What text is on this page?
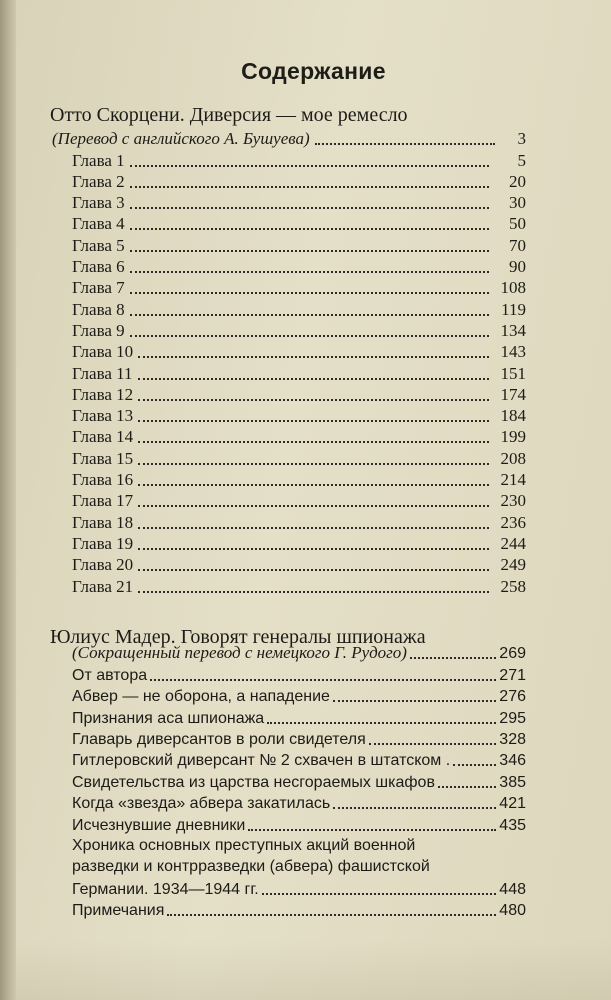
Содержание
Отто Скорцени. Диверсия — мое ремесло
(Перевод с английского А. Бушуева)	3
Глава 1	5
Глава 2	20
Глава 3	30
Глава 4	50
Глава 5	70
Глава 6	90
Глава 7	108
Глава 8	119
Глава 9	134
Глава 10	143
Глава 11	151
Глава 12	174
Глава 13	184
Глава 14	199
Глава 15	208
Глава 16	214
Глава 17	230
Глава 18	236
Глава 19	244
Глава 20	249
Глава 21	258
Юлиус Мадер. Говорят генералы шпионажа
(Сокращенный перевод с немецкого Г. Рудого)	269
От автора	271
Абвер — не оборона, а нападение	276
Признания аса шпионажа	295
Главарь диверсантов в роли свидетеля	328
Гитлеровский диверсант № 2 схвачен в штатском .	346
Свидетельства из царства несгораемых шкафов	385
Когда «звезда» абвера закатилась	421
Исчезнувшие дневники	435
Хроника основных преступных акций военной
разведки и контрразведки (абвера) фашистской
Германии. 1934—1944 гг.	448
Примечания	480
